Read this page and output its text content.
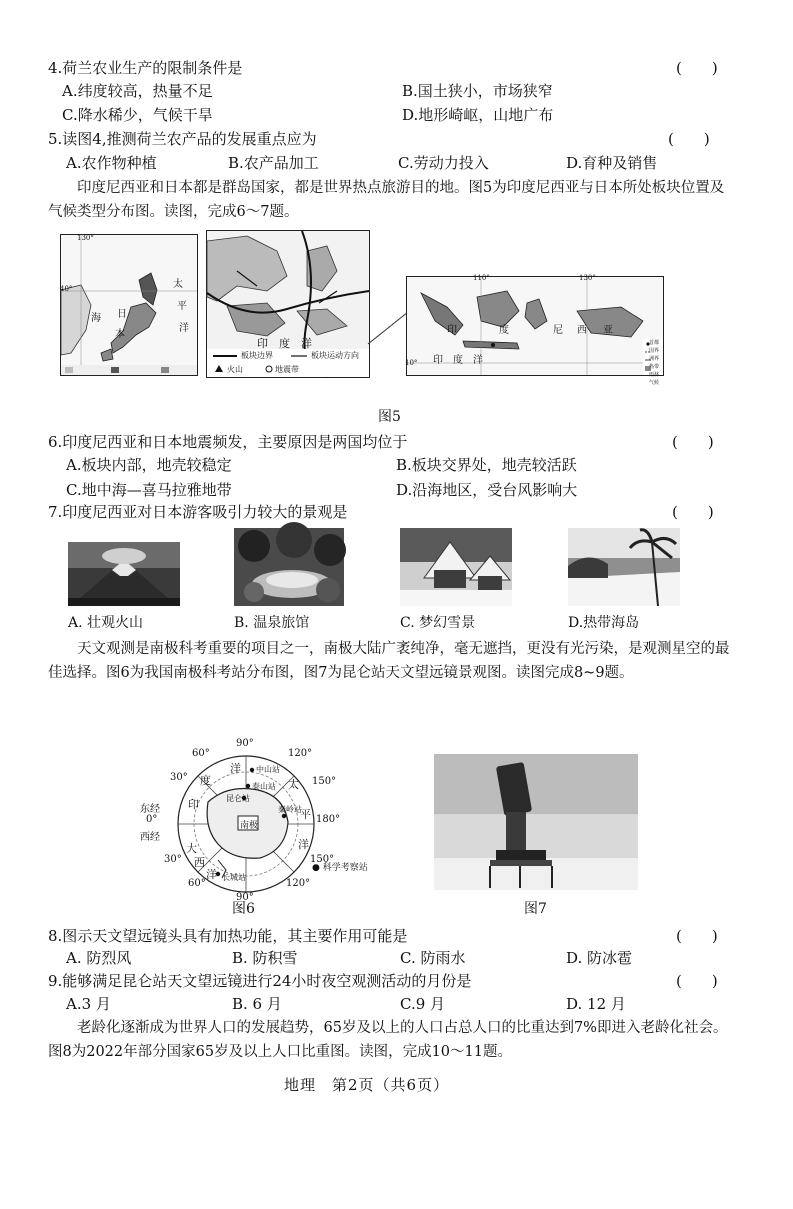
4.荷兰农业生产的限制条件是	(　　)
A.纬度较高，热量不足	B.国土狭小，市场狭窄
C.降水稀少，气候干旱	D.地形崎岖，山地广布
5.读图4,推测荷兰农产品的发展重点应为	(　　)
A.农作物种植	B.农产品加工	C.劳动力投入	D.育种及销售
印度尼西亚和日本都是群岛国家，都是世界热点旅游目的地。图5为印度尼西亚与日本所处板块位置及气候类型分布图。读图，完成6～7题。
130°
40°
日
本
海
太
平
洋
印　度　洋
板块边界	板块运动方向
火山	地震带
110°	130°
10°
印	度	尼 西 亚
印　度　洋
首都
国界
洲界
热带雨林气候
图5
6.印度尼西亚和日本地震频发，主要原因是两国均位于	(　　)
A.板块内部，地壳较稳定	B.板块交界处，地壳较活跃
C.地中海—喜马拉雅地带	D.沿海地区，受台风影响大
7.印度尼西亚对日本游客吸引力较大的景观是	(　　)
A. 壮观火山	B. 温泉旅馆	C. 梦幻雪景	D.热带海岛
天文观测是南极科考重要的项目之一，南极大陆广袤纯净，毫无遮挡，更没有光污染，是观测星空的最佳选择。图6为我国南极科考站分布图，图7为昆仑站天文望远镜景观图。读图完成8~9题。
90°
60°
30°
东经
0°
西经
30°
60°
90°
120°
150°
180°
150°
120°
洋
度
印
大
西
洋
太
平
洋
中山站
泰山站
昆仑站
南极
秦岭站
长城站
● 科学考察站
图6	图7
8.图示天文望远镜头具有加热功能，其主要作用可能是	(　　)
A. 防烈风	B. 防积雪	C. 防雨水	D. 防冰雹
9.能够满足昆仑站天文望远镜进行24小时夜空观测活动的月份是	(　　)
A.3 月	B. 6 月	C.9 月	D. 12 月
老龄化逐渐成为世界人口的发展趋势，65岁及以上的人口占总人口的比重达到7%即进入老龄化社会。图8为2022年部分国家65岁及以上人口比重图。读图，完成10～11题。
地理　第2页（共6页）
